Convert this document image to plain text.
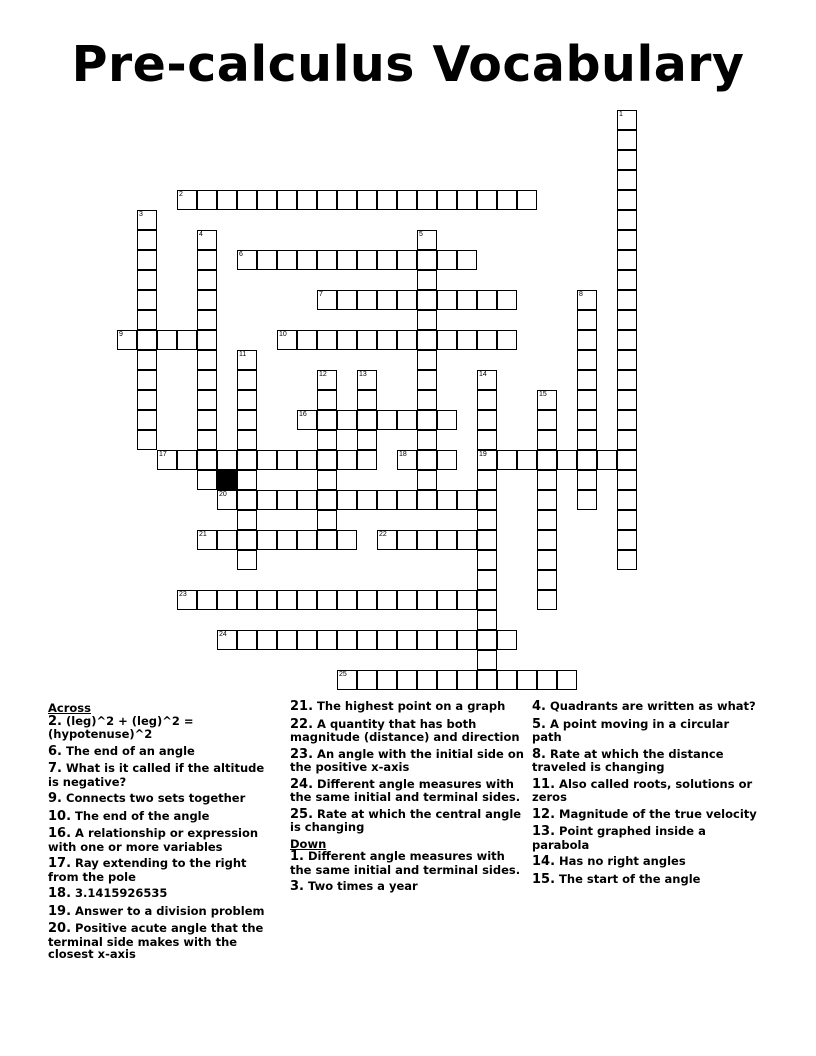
Pre-calculus Vocabulary
1
2
3
4	5
6
7	8
9	10
11
12	13	14
19
15
16
17	18
20
21	22
23
24
25
Across
2. (leg)^2 + (leg)^2 = (hypotenuse)^2
6. The end of an angle
7. What is it called if the altitude is negative?
9. Connects two sets together
10. The end of the angle
16. A relationship or expression with one or more variables
17. Ray extending to the right from the pole
18. 3.1415926535
19. Answer to a division problem
20. Positive acute angle that the terminal side makes with the closest x-axis
21. The highest point on a graph
22. A quantity that has both magnitude (distance) and direction
23. An angle with the initial side on the positive x-axis
24. Different angle measures with the same initial and terminal sides.
25. Rate at which the central angle is changing
Down
1. Different angle measures with the same initial and terminal sides.
3. Two times a year
4. Quadrants are written as what?
5. A point moving in a circular path
8. Rate at which the distance traveled is changing
11. Also called roots, solutions or zeros
12. Magnitude of the true velocity
13. Point graphed inside a parabola
14. Has no right angles
15. The start of the angle
